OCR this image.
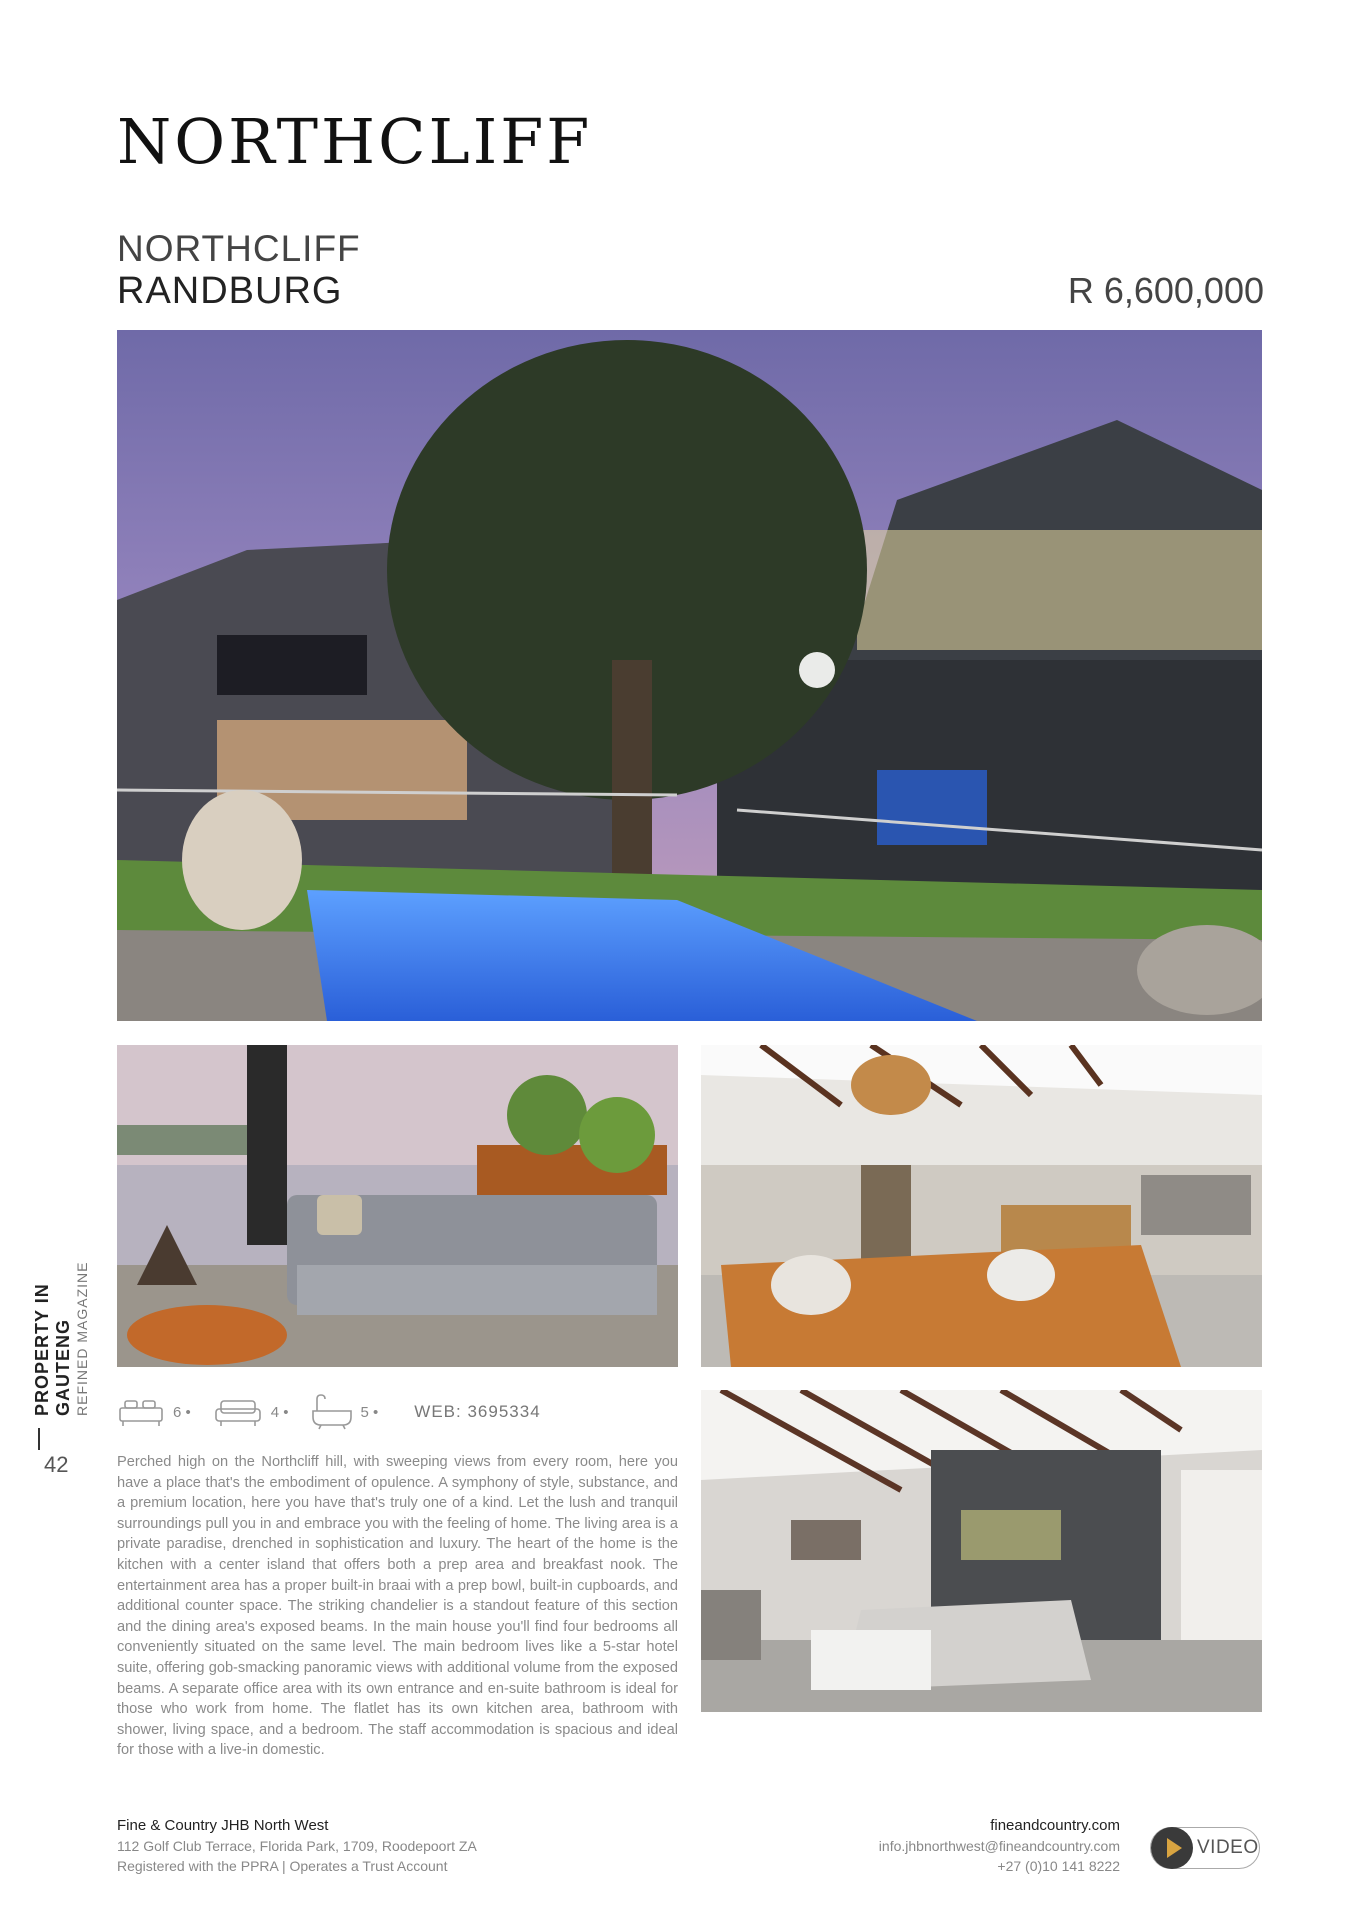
NORTHCLIFF
NORTHCLIFF
RANDBURG	R 6,600,000
PROPERTY IN GAUTENG REFINED MAGAZINE
42
6 •	4 •	5 • WEB: 3695334

Perched high on the Northcliff hill, with sweeping views from every room, here you have a place that's the embodiment of opulence. A symphony of style, substance, and a premium location, here you have that's truly one of a kind. Let the lush and tranquil surroundings pull you in and embrace you with the feeling of home. The living area is a private paradise, drenched in sophistication and luxury. The heart of the home is the kitchen with a center island that offers both a prep area and breakfast nook. The entertainment area has a proper built-in braai with a prep bowl, built-in cupboards, and additional counter space. The striking chandelier is a standout feature of this section and the dining area's exposed beams. In the main house you'll find four bedrooms all conveniently situated on the same level. The main bedroom lives like a 5-star hotel suite, offering gob-smacking panoramic views with additional volume from the exposed beams. A separate office area with its own entrance and en-suite bathroom is ideal for those who work from home. The flatlet has its own kitchen area, bathroom with shower, living space, and a bedroom. The staff accommodation is spacious and ideal for those with a live-in domestic.

Fine & Country JHB North West
112 Golf Club Terrace, Florida Park, 1709, Roodepoort ZA
Registered with the PPRA | Operates a Trust Account
fineandcountry.com
info.jhbnorthwest@fineandcountry.com
+27 (0)10 141 8222
VIDEO
